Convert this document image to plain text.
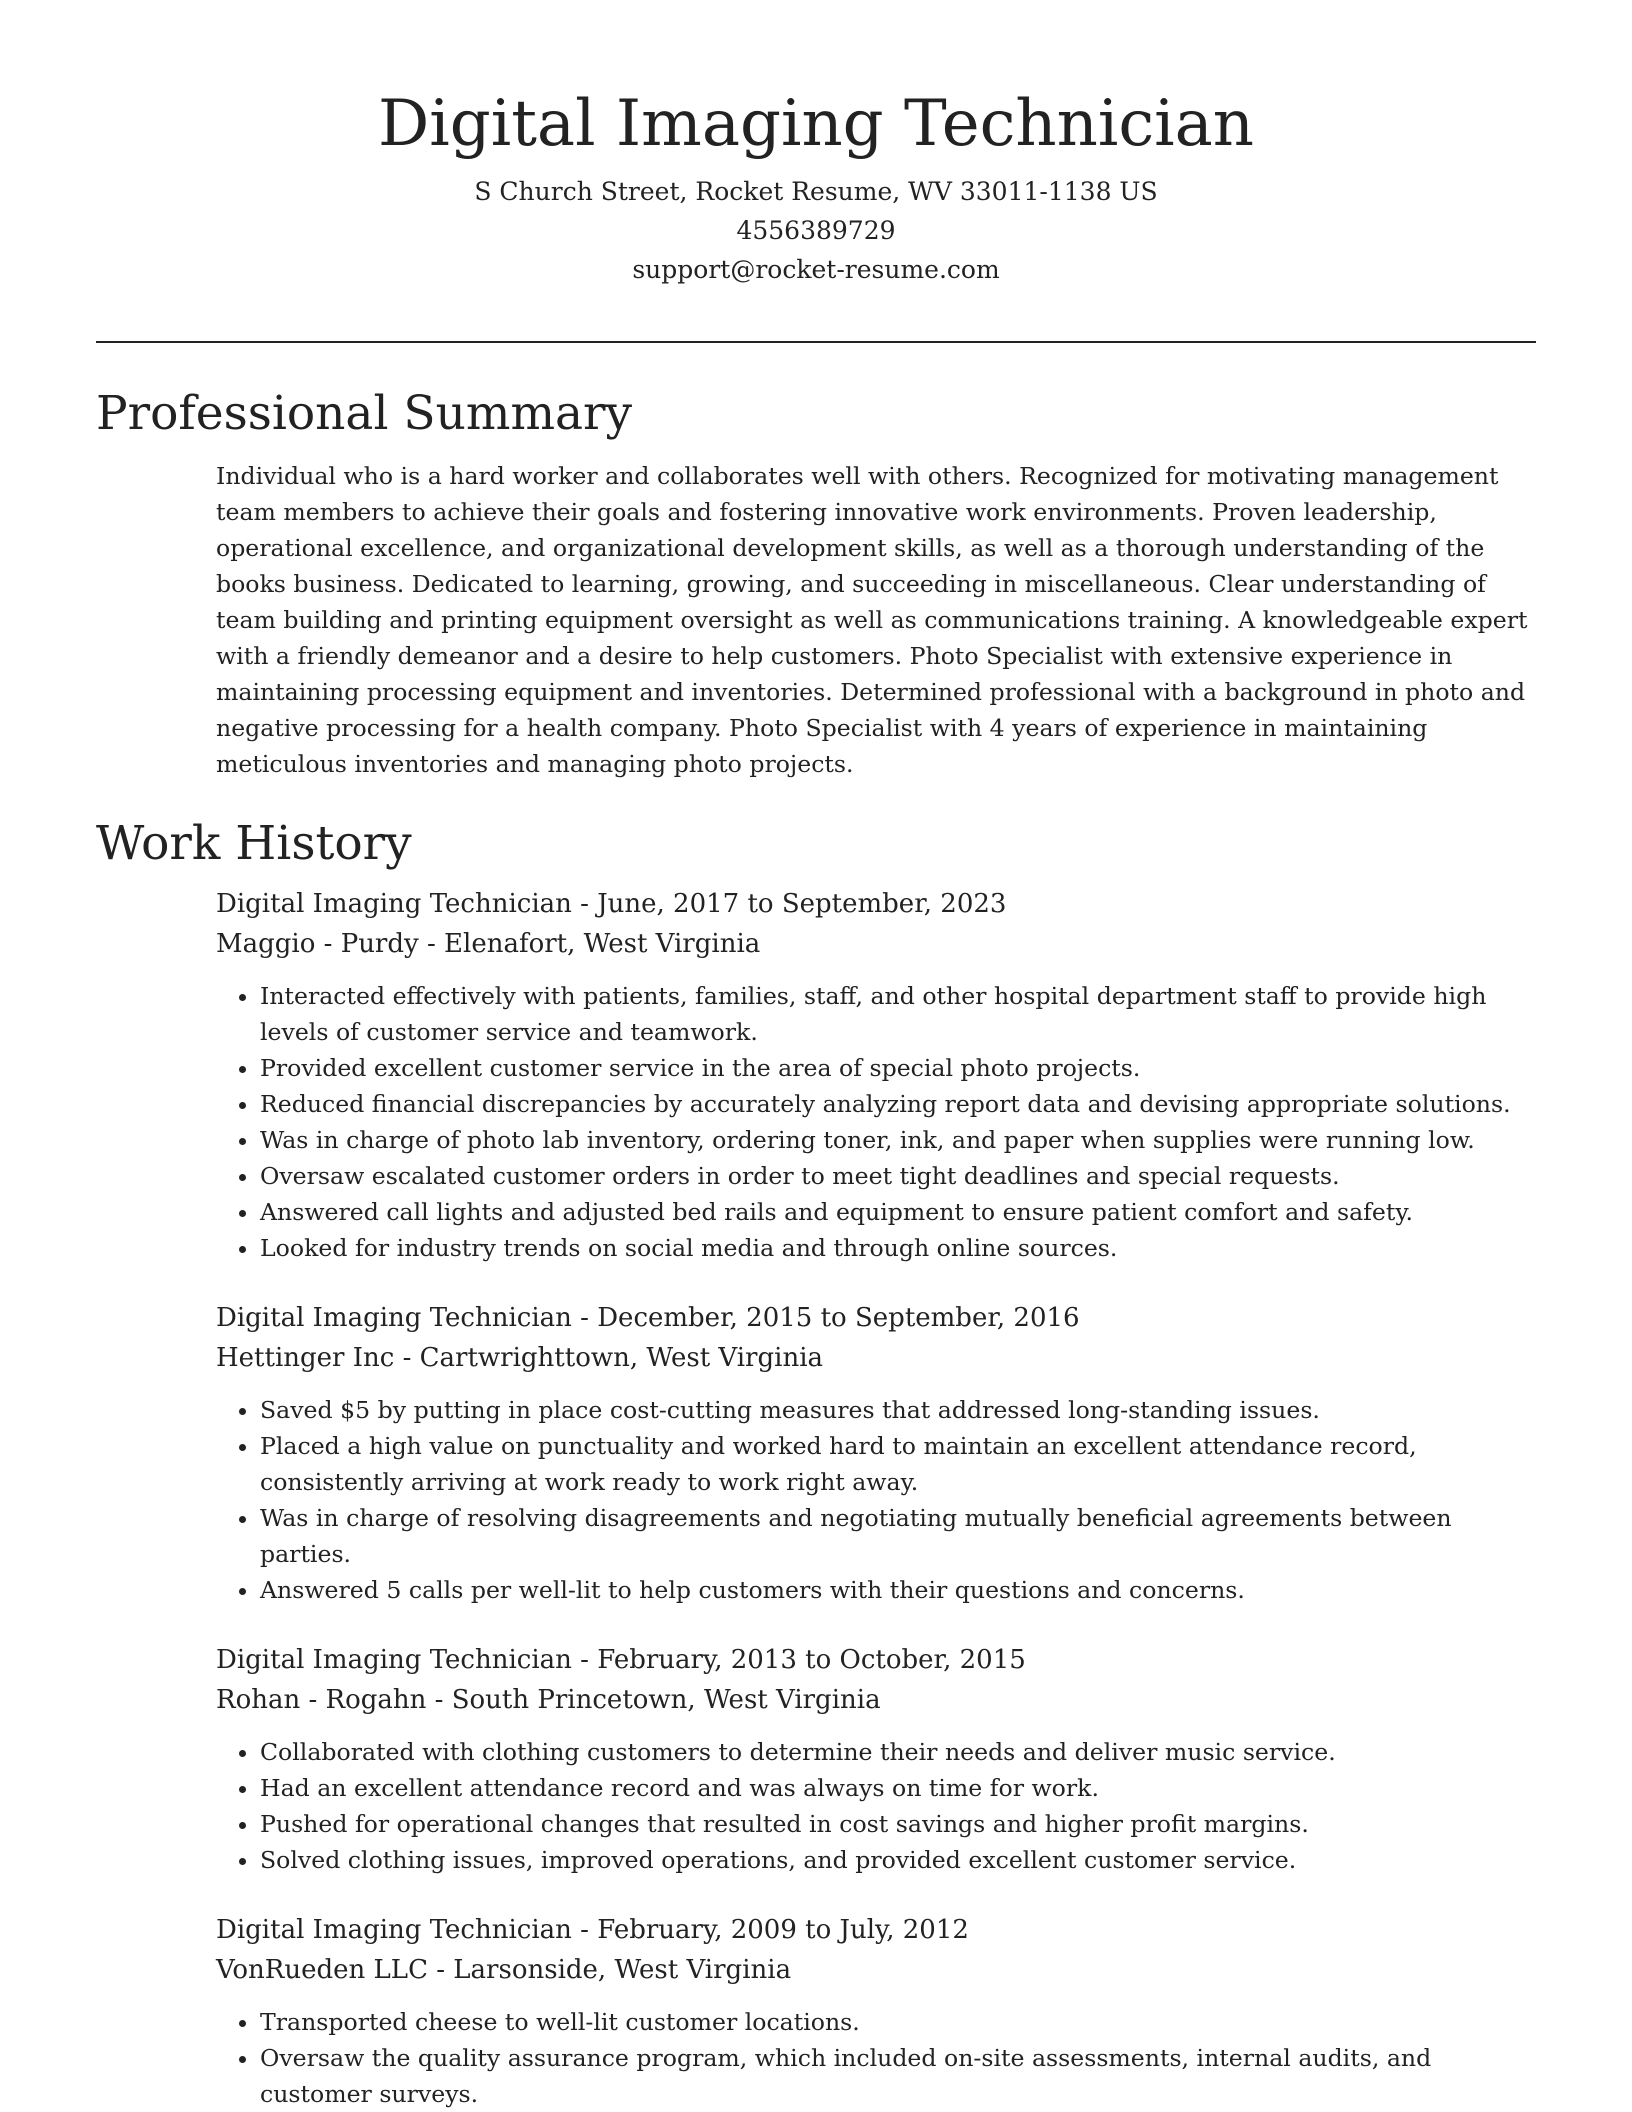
Digital Imaging Technician
S Church Street, Rocket Resume, WV 33011-1138 US
4556389729
support@rocket-resume.com
Professional Summary

Individual who is a hard worker and collaborates well with others. Recognized for motivating management team members to achieve their goals and fostering innovative work environments. Proven leadership, operational excellence, and organizational development skills, as well as a thorough understanding of the books business. Dedicated to learning, growing, and succeeding in miscellaneous. Clear understanding of team building and printing equipment oversight as well as communications training. A knowledgeable expert with a friendly demeanor and a desire to help customers. Photo Specialist with extensive experience in maintaining processing equipment and inventories. Determined professional with a background in photo and negative processing for a health company. Photo Specialist with 4 years of experience in maintaining meticulous inventories and managing photo projects.

Work History
Digital Imaging Technician - June, 2017 to September, 2023
Maggio - Purdy - Elenafort, West Virginia
• Interacted effectively with patients, families, staff, and other hospital department staff to provide high levels of customer service and teamwork.
• Provided excellent customer service in the area of special photo projects.
• Reduced financial discrepancies by accurately analyzing report data and devising appropriate solutions.
• Was in charge of photo lab inventory, ordering toner, ink, and paper when supplies were running low.
• Oversaw escalated customer orders in order to meet tight deadlines and special requests.
• Answered call lights and adjusted bed rails and equipment to ensure patient comfort and safety.
• Looked for industry trends on social media and through online sources.
Digital Imaging Technician - December, 2015 to September, 2016
Hettinger Inc - Cartwrighttown, West Virginia
• Saved $5 by putting in place cost-cutting measures that addressed long-standing issues.
• Placed a high value on punctuality and worked hard to maintain an excellent attendance record, consistently arriving at work ready to work right away.
• Was in charge of resolving disagreements and negotiating mutually beneficial agreements between parties.
• Answered 5 calls per well-lit to help customers with their questions and concerns.
Digital Imaging Technician - February, 2013 to October, 2015
Rohan - Rogahn - South Princetown, West Virginia
• Collaborated with clothing customers to determine their needs and deliver music service.
• Had an excellent attendance record and was always on time for work.
• Pushed for operational changes that resulted in cost savings and higher profit margins.
• Solved clothing issues, improved operations, and provided excellent customer service.
Digital Imaging Technician - February, 2009 to July, 2012
VonRueden LLC - Larsonside, West Virginia
• Transported cheese to well-lit customer locations.
• Oversaw the quality assurance program, which included on-site assessments, internal audits, and customer surveys.
